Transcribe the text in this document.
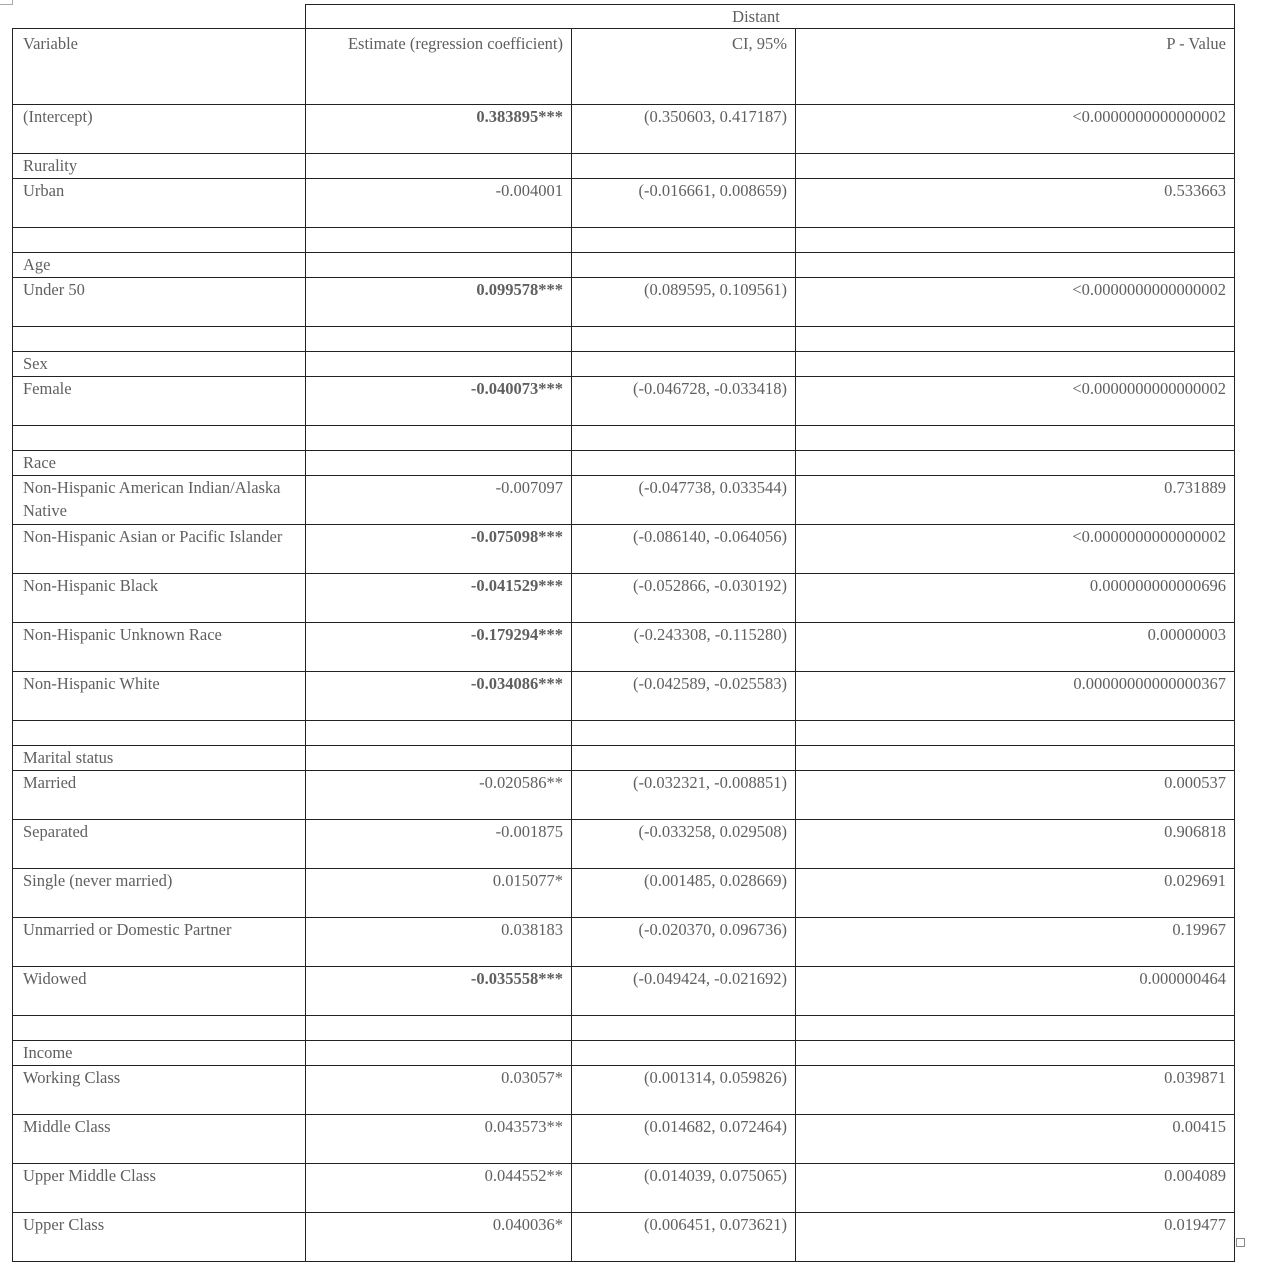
	Distant		
Variable	Estimate (regression coefficient)	CI, 95%	P - Value
(Intercept)	0.383895***	(0.350603, 0.417187)	<0.0000000000000002
Rurality			
Urban	-0.004001	(-0.016661, 0.008659)	0.533663

Age			
Under 50	0.099578***	(0.089595, 0.109561)	<0.0000000000000002

Sex			
Female	-0.040073***	(-0.046728, -0.033418)	<0.0000000000000002

Race			
Non-Hispanic American Indian/Alaska Native	-0.007097	(-0.047738, 0.033544)	0.731889
Non-Hispanic Asian or Pacific Islander	-0.075098***	(-0.086140, -0.064056)	<0.0000000000000002
Non-Hispanic Black	-0.041529***	(-0.052866, -0.030192)	0.000000000000696
Non-Hispanic Unknown Race	-0.179294***	(-0.243308, -0.115280)	0.00000003
Non-Hispanic White	-0.034086***	(-0.042589, -0.025583)	0.00000000000000367

Marital status			
Married	-0.020586**	(-0.032321, -0.008851)	0.000537
Separated	-0.001875	(-0.033258, 0.029508)	0.906818
Single (never married)	0.015077*	(0.001485, 0.028669)	0.029691
Unmarried or Domestic Partner	0.038183	(-0.020370, 0.096736)	0.19967
Widowed	-0.035558***	(-0.049424, -0.021692)	0.000000464

Income			
Working Class	0.03057*	(0.001314, 0.059826)	0.039871
Middle Class	0.043573**	(0.014682, 0.072464)	0.00415
Upper Middle Class	0.044552**	(0.014039, 0.075065)	0.004089
Upper Class	0.040036*	(0.006451, 0.073621)	0.019477
